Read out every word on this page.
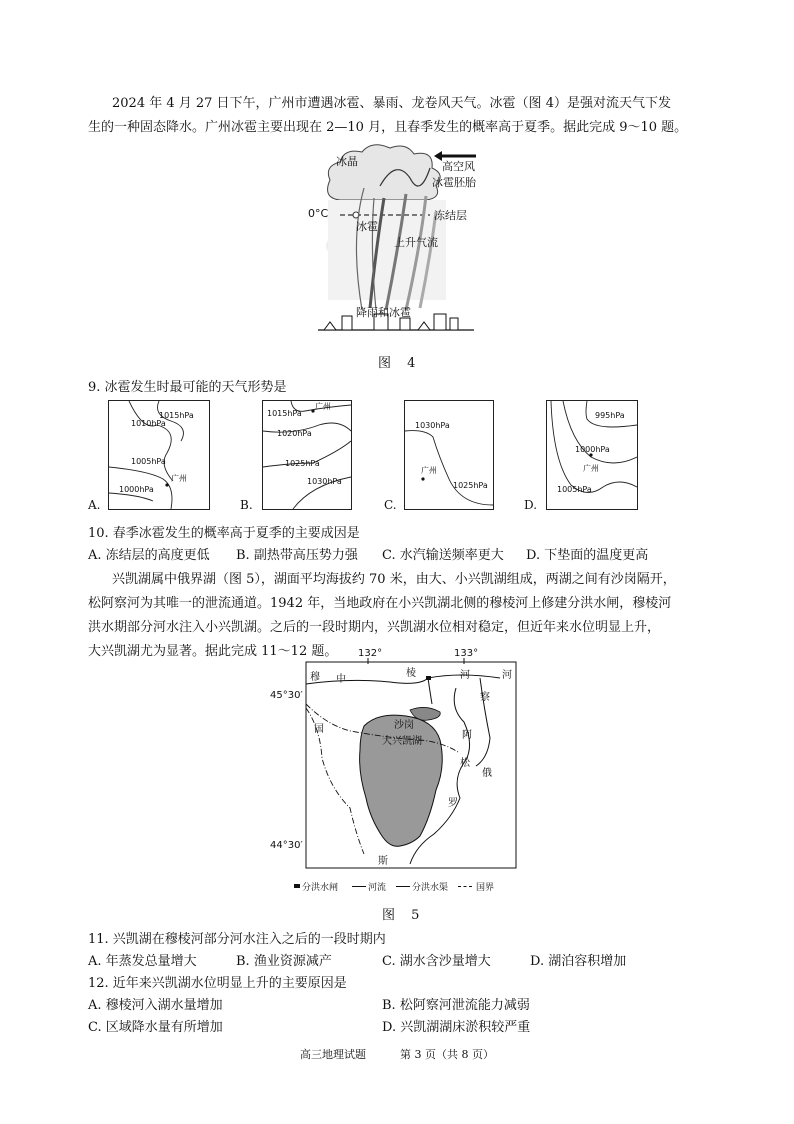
2024 年 4 月 27 日下午，广州市遭遇冰雹、暴雨、龙卷风天气。冰雹（图 4）是强对流天气下发
生的一种固态降水。广州冰雹主要出现在 2—10 月，且春季发生的概率高于夏季。据此完成 9～10 题。
冰晶	高空风
冰雹胚胎
0°C	冻结层
冰雹
上升气流
降雨和冰雹
图 4
9. 冰雹发生时最可能的天气形势是
A.
1015hPa
1010hPa
1005hPa
1000hPa
广州
B.
1015hPa
广州
1020hPa
1025hPa
1030hPa
C.
1030hPa
广州
1025hPa
D.
995hPa
1000hPa
广州
1005hPa
10. 春季冰雹发生的概率高于夏季的主要成因是
A. 冻结层的高度更低 B. 副热带高压势力强 C. 水汽输送频率更大 D. 下垫面的温度更高
兴凯湖属中俄界湖（图 5），湖面平均海拔约 70 米，由大、小兴凯湖组成，两湖之间有沙岗隔开，
松阿察河为其唯一的泄流通道。1942 年，当地政府在小兴凯湖北侧的穆棱河上修建分洪水闸，穆棱河
洪水期部分河水注入小兴凯湖。之后的一段时期内，兴凯湖水位相对稳定，但近年来水位明显上升，
大兴凯湖尤为显著。据此完成 11～12 题。 132°	133°
45°30′
44°30′
穆 中
棱	河	河
察
国
阿
沙岗
大兴凯湖
松
俄
罗
斯
分洪水闸	河流	分洪水渠	国界
图 5
11. 兴凯湖在穆棱河部分河水注入之后的一段时期内
A. 年蒸发总量增大	B. 渔业资源减产	C. 湖水含沙量增大	D. 湖泊容积增加
12. 近年来兴凯湖水位明显上升的主要原因是
A. 穆棱河入湖水量增加	B. 松阿察河泄流能力减弱
C. 区域降水量有所增加	D. 兴凯湖湖床淤积较严重
高三地理试题	第 3 页（共 8 页）
